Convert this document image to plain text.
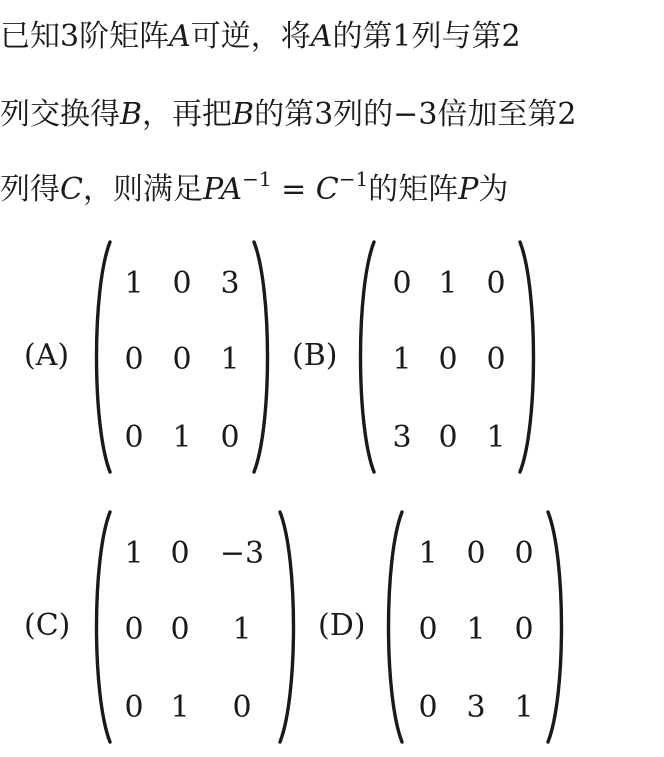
已知3阶矩阵A可逆，将A的第1列与第2
列交换得B，再把B的第3列的−3倍加至第2
列得C，则满足$PA^{-1} = C^{-1}$的矩阵P为
(A)
1 0 3
0 0 1
0 1 0
(B)
0 1 0
1 0 0
3 0 1
(C)
1 0	−3
0 0	1
0 1	0
(D)
1 0 0
0 1 0
0 3 1
